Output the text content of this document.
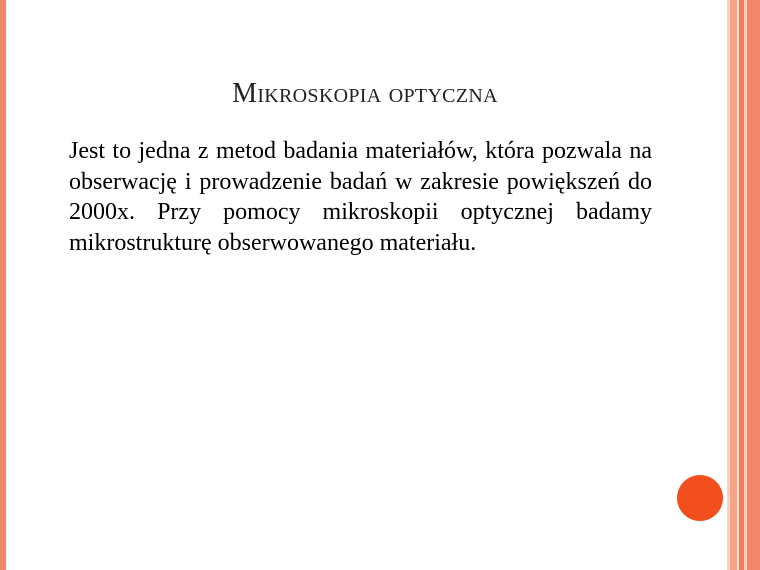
Mikroskopia optyczna

Jest to jedna z metod badania materiałów, która pozwala na obserwację i prowadzenie badań w zakresie powiększeń do 2000x. Przy pomocy mikroskopii optycznej badamy mikrostrukturę obserwowanego materiału.
